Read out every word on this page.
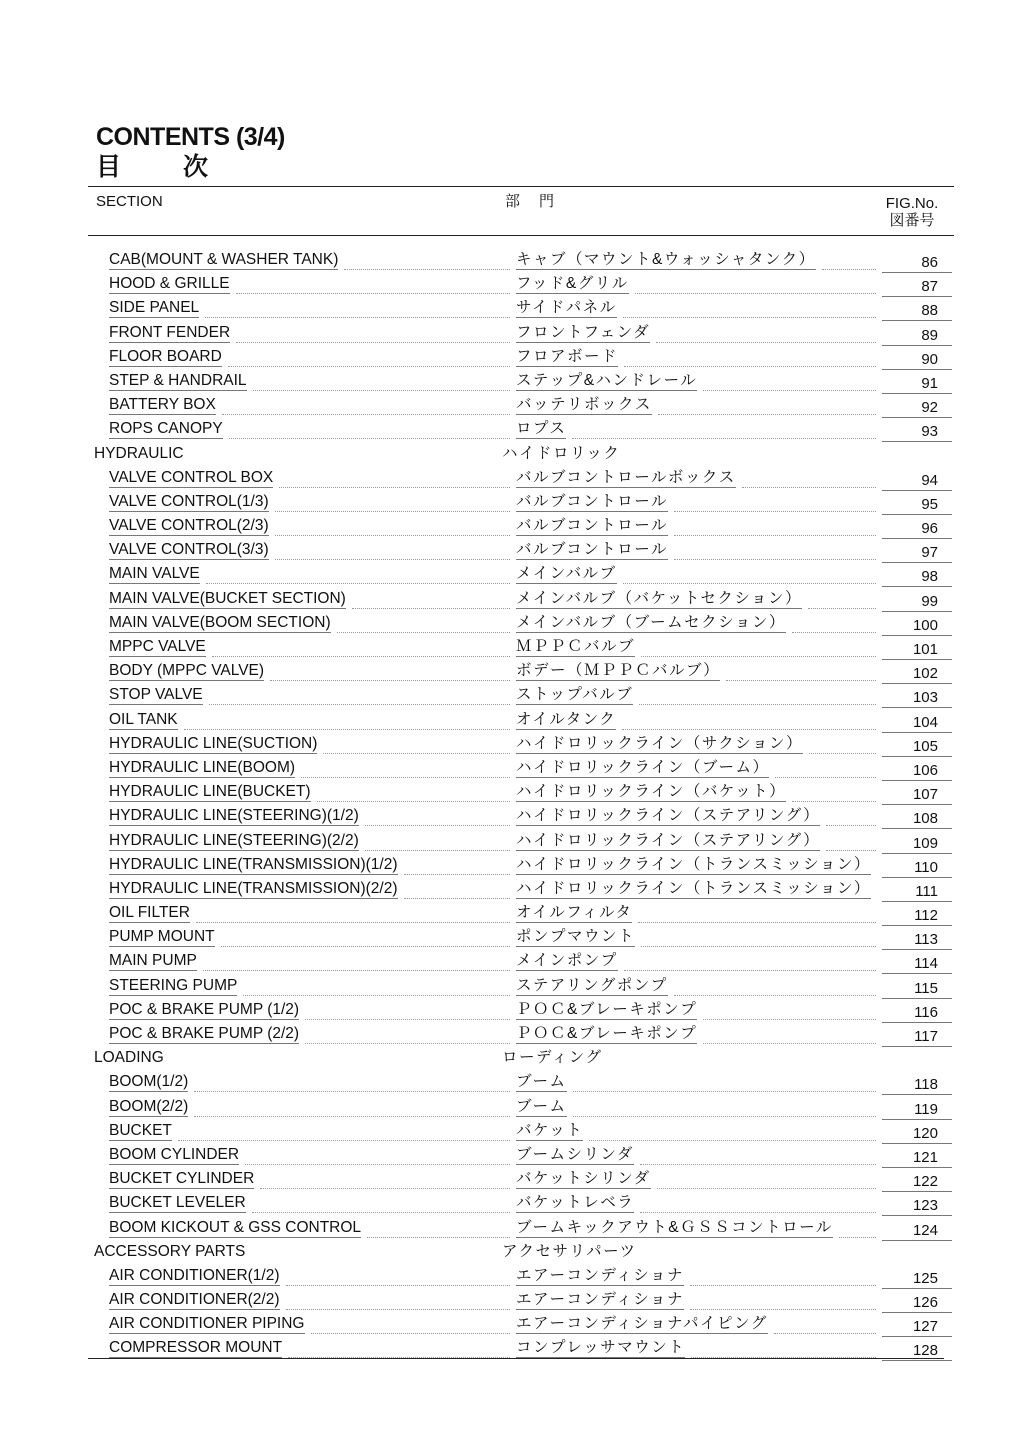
CONTENTS (3/4)
目次
SECTION	部　門	FIG.No.
図番号
CAB(MOUNT & WASHER TANK)	キャブ（マウント&ウォッシャタンク）	86
HOOD & GRILLE	フッド&グリル	87
SIDE PANEL	サイドパネル	88
FRONT FENDER	フロントフェンダ	89
FLOOR BOARD	フロアボード	90
STEP & HANDRAIL	ステップ&ハンドレール	91
BATTERY BOX	バッテリボックス	92
ROPS CANOPY	ロプス	93
HYDRAULIC	ハイドロリック
VALVE CONTROL BOX	バルブコントロールボックス	94
VALVE CONTROL(1/3)	バルブコントロール	95
VALVE CONTROL(2/3)	バルブコントロール	96
VALVE CONTROL(3/3)	バルブコントロール	97
MAIN VALVE	メインバルブ	98
MAIN VALVE(BUCKET SECTION)	メインバルブ（バケットセクション）	99
MAIN VALVE(BOOM SECTION)	メインバルブ（ブームセクション）	100
MPPC VALVE	ＭＰＰＣバルブ	101
BODY (MPPC VALVE)	ボデー（ＭＰＰＣバルブ）	102
STOP VALVE	ストップバルブ	103
OIL TANK	オイルタンク	104
HYDRAULIC LINE(SUCTION)	ハイドロリックライン（サクション）	105
HYDRAULIC LINE(BOOM)	ハイドロリックライン（ブーム）	106
HYDRAULIC LINE(BUCKET)	ハイドロリックライン（バケット）	107
HYDRAULIC LINE(STEERING)(1/2)	ハイドロリックライン（ステアリング）	108
HYDRAULIC LINE(STEERING)(2/2)	ハイドロリックライン（ステアリング）	109
HYDRAULIC LINE(TRANSMISSION)(1/2)	ハイドロリックライン（トランスミッション）	110
HYDRAULIC LINE(TRANSMISSION)(2/2)	ハイドロリックライン（トランスミッション）	111
OIL FILTER	オイルフィルタ	112
PUMP MOUNT	ポンプマウント	113
MAIN PUMP	メインポンプ	114
STEERING PUMP	ステアリングポンプ	115
POC & BRAKE PUMP (1/2)	ＰＯＣ&ブレーキポンプ	116
POC & BRAKE PUMP (2/2)	ＰＯＣ&ブレーキポンプ	117
LOADING	ローディング
BOOM(1/2)	ブーム	118
BOOM(2/2)	ブーム	119
BUCKET	バケット	120
BOOM CYLINDER	ブームシリンダ	121
BUCKET CYLINDER	バケットシリンダ	122
BUCKET LEVELER	バケットレベラ	123
BOOM KICKOUT & GSS CONTROL	ブームキックアウト&ＧＳＳコントロール	124
ACCESSORY PARTS	アクセサリパーツ
AIR CONDITIONER(1/2)	エアーコンディショナ	125
AIR CONDITIONER(2/2)	エアーコンディショナ	126
AIR CONDITIONER PIPING	エアーコンディショナパイピング	127
COMPRESSOR MOUNT	コンプレッサマウント	128
